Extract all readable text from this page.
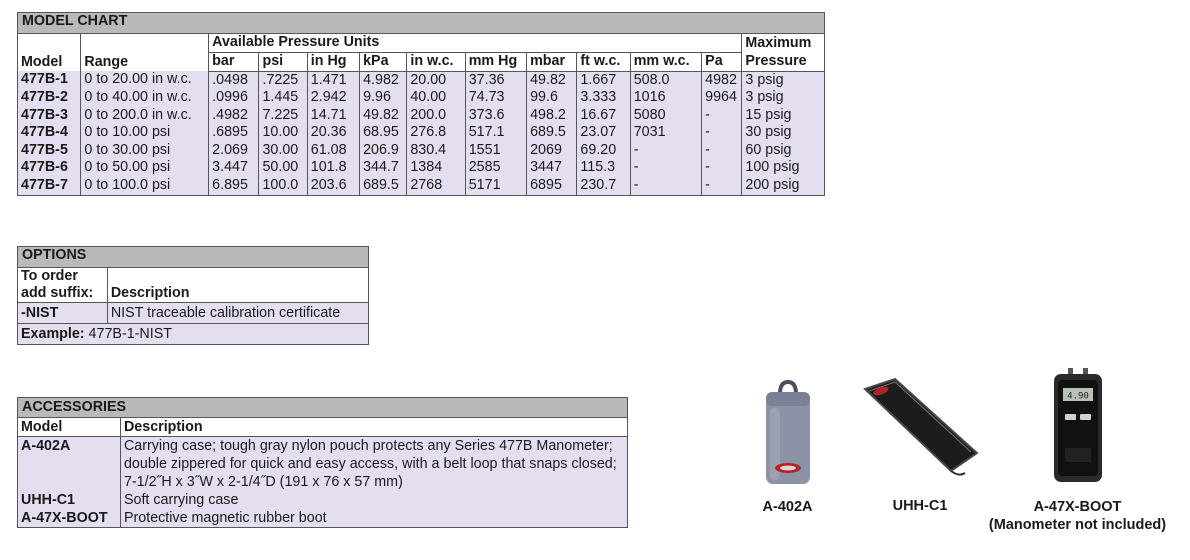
MODEL CHART												
Model	Range	Available Pressure Units										Maximum
		bar	psi	in Hg	kPa	in w.c.	mm Hg	mbar	ft w.c.	mm w.c.	Pa	Pressure
477B-1	0 to 20.00 in w.c.	.0498	.7225	1.471	4.982	20.00	37.36	49.82	1.667	508.0	4982	3 psig
477B-2	0 to 40.00 in w.c.	.0996	1.445	2.942	9.96	40.00	74.73	99.6	3.333	1016	9964	3 psig
477B-3	0 to 200.0 in w.c.	.4982	7.225	14.71	49.82	200.0	373.6	498.2	16.67	5080	-	15 psig
477B-4	0 to 10.00 psi	.6895	10.00	20.36	68.95	276.8	517.1	689.5	23.07	7031	-	30 psig
477B-5	0 to 30.00 psi	2.069	30.00	61.08	206.9	830.4	1551	2069	69.20	-	-	60 psig
477B-6	0 to 50.00 psi	3.447	50.00	101.8	344.7	1384	2585	3447	115.3	-	-	100 psig
477B-7	0 to 100.0 psi	6.895	100.0	203.6	689.5	2768	5171	6895	230.7	-	-	200 psig
OPTIONS	

To order
add suffix:	Description
-NIST	NIST traceable calibration certificate
Example: 477B-1-NIST	
ACCESSORIES	
Model	Description
A-402A	Carrying case; tough gray nylon pouch protects any Series 477B Manometer; double zippered for quick and easy access, with a belt loop that snaps closed; 7-1/2˝H x 3˝W x 2-1/4˝D (191 x 76 x 57 mm)
UHH-C1	Soft carrying case
A-47X-BOOT	Protective magnetic rubber boot
A-402A	UHH-C1
4.90
A-47X-BOOT
(Manometer not included)
